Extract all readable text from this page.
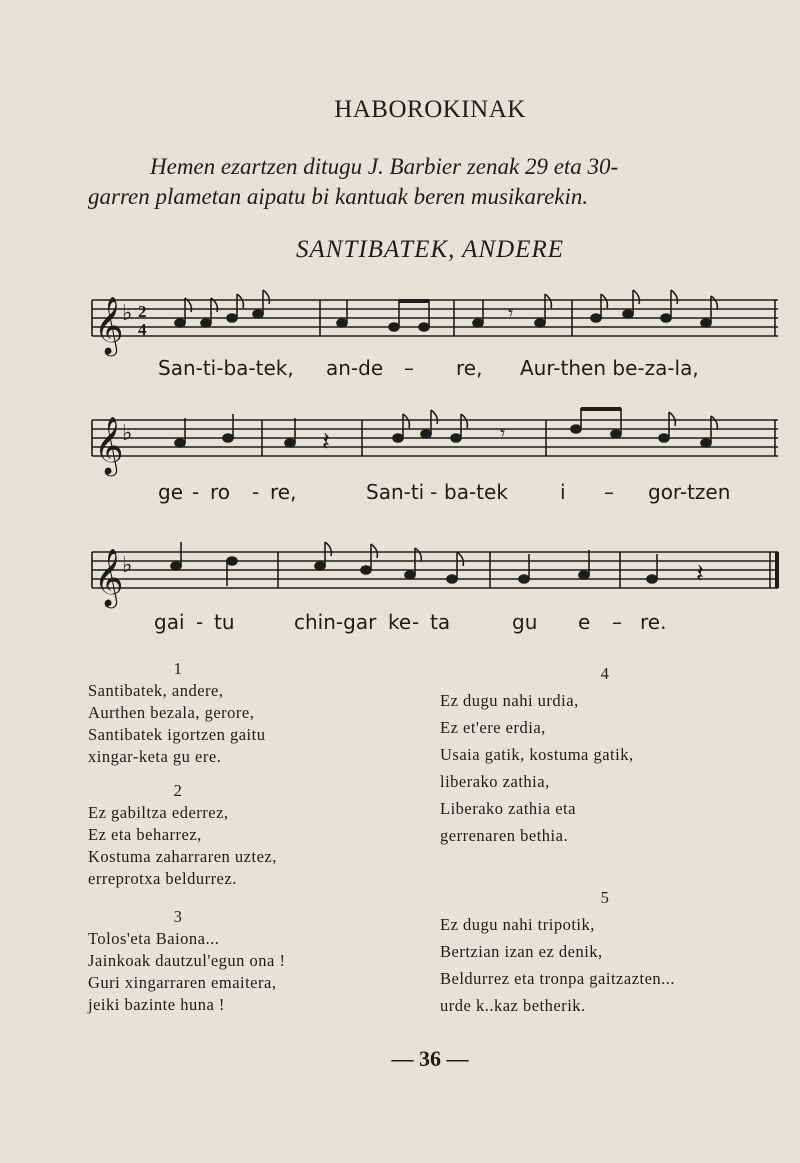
HABOROKINAK
Hemen ezartzen ditugu J. Barbier zenak 29 eta 30-
garren plametan aipatu bi kantuak beren musikarekin.
SANTIBATEK, ANDERE
𝄞
♭ 2
4
𝄾
San-ti-ba-tek, an-de – re, Aur-then be-za-la,
𝄞
♭	𝄽	𝄾
ge - ro - re,	San-ti - ba-tek	i – gor-tzen
𝄞
♭	𝄽
gai - tu	chin-gar ke - ta	gu e – re.
1
Santibatek, andere,
Aurthen bezala, gerore,
Santibatek igortzen gaitu
xingar-keta gu ere.
2
Ez gabiltza ederrez,
Ez eta beharrez,
Kostuma zaharraren uztez,
erreprotxa beldurrez.
3
Tolos'eta Baiona...
Jainkoak dautzul'egun ona !
Guri xingarraren emaitera,
jeiki bazinte huna !
4
Ez dugu nahi urdia,
Ez et'ere erdia,
Usaia gatik, kostuma gatik,
liberako zathia,
Liberako zathia eta
gerrenaren bethia.
5
Ez dugu nahi tripotik,
Bertzian izan ez denik,
Beldurrez eta tronpa gaitzazten...
urde k..kaz betherik.
— 36 —
